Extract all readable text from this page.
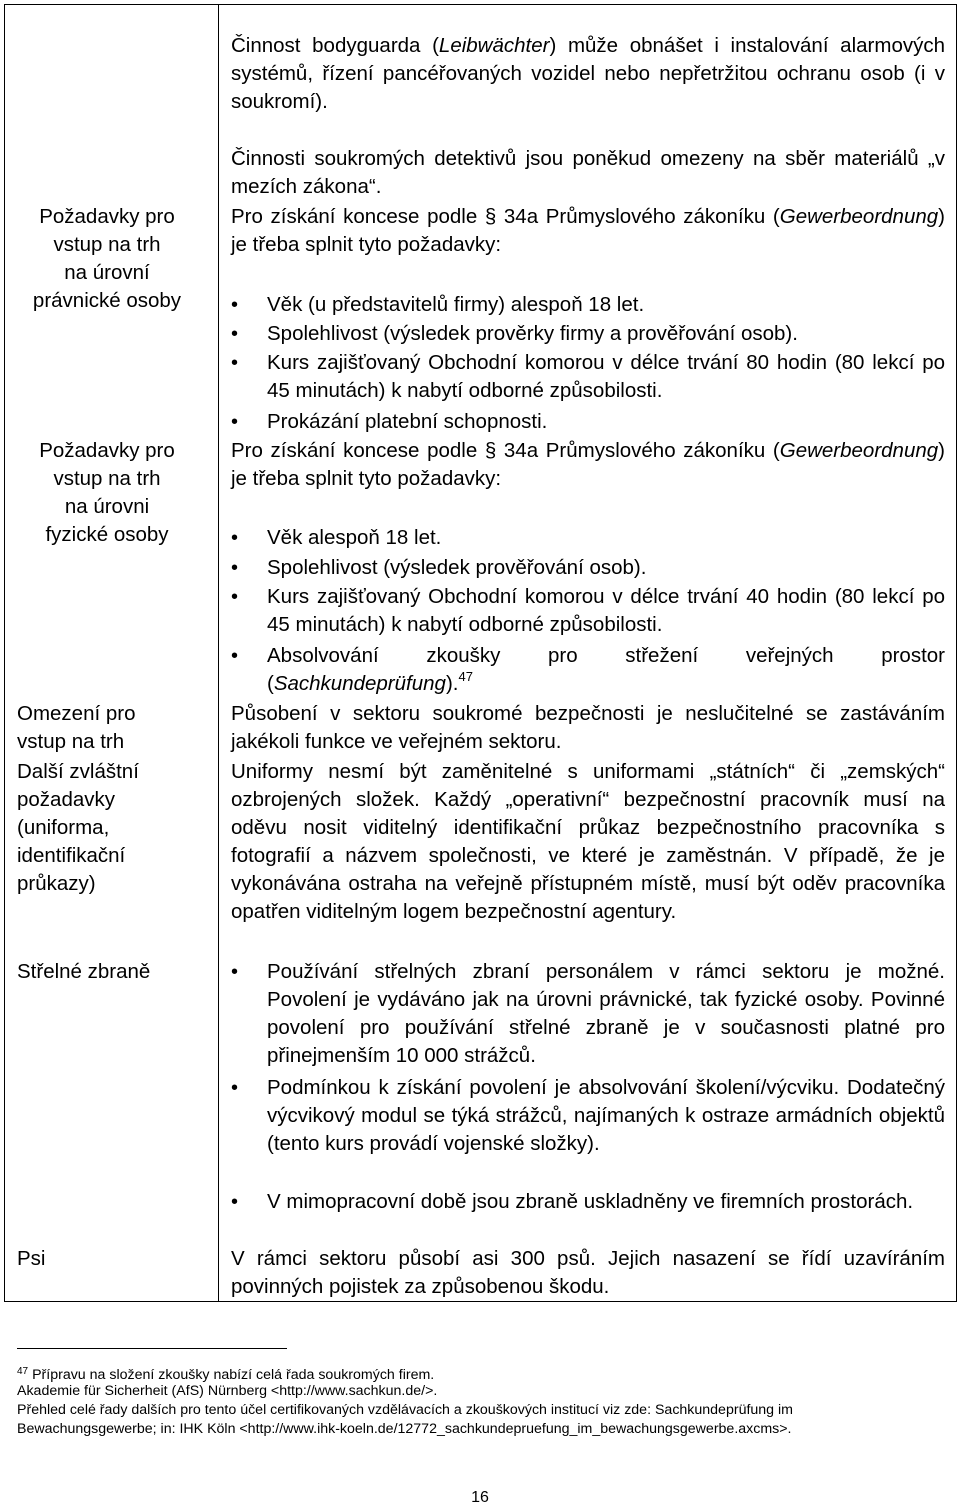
Požadavky pro
vstup na trh
na úrovní
právnické osoby
Požadavky pro
vstup na trh
na úrovni
fyzické osoby
Omezení pro
vstup na trh
Další zvláštní
požadavky
(uniforma,
identifikační
průkazy)
Střelné zbraně
Psi
Činnost bodyguarda (Leibwächter) může obnášet i instalování alarmových systémů, řízení pancéřovaných vozidel nebo nepřetržitou ochranu osob (i v soukromí).
Činnosti soukromých detektivů jsou poněkud omezeny na sběr materiálů „v mezích zákona“.
Pro získání koncese podle § 34a Průmyslového zákoníku (Gewerbeordnung) je třeba splnit tyto požadavky:
• Věk (u představitelů firmy) alespoň 18 let.
• Spolehlivost (výsledek prověrky firmy a prověřování osob).
• Kurs zajišťovaný Obchodní komorou v délce trvání 80 hodin (80 lekcí po 45 minutách) k nabytí odborné způsobilosti.
• Prokázání platební schopnosti.
Pro získání koncese podle § 34a Průmyslového zákoníku (Gewerbeordnung) je třeba splnit tyto požadavky:
• Věk alespoň 18 let.
• Spolehlivost (výsledek prověřování osob).
• Kurs zajišťovaný Obchodní komorou v délce trvání 40 hodin (80 lekcí po 45 minutách) k nabytí odborné způsobilosti.
• Absolvování zkoušky pro střežení veřejných prostor (Sachkundeprüfung).$^{47}$
Působení v sektoru soukromé bezpečnosti je neslučitelné se zastáváním jakékoli funkce ve veřejném sektoru.
Uniformy nesmí být zaměnitelné s uniformami „státních“ či „zemských“ ozbrojených složek. Každý „operativní“ bezpečnostní pracovník musí na oděvu nosit viditelný identifikační průkaz bezpečnostního pracovníka s fotografií a názvem společnosti, ve které je zaměstnán. V případě, že je vykonávána ostraha na veřejně přístupném místě, musí být oděv pracovníka opatřen viditelným logem bezpečnostní agentury.
• Používání střelných zbraní personálem v rámci sektoru je možné. Povolení je vydáváno jak na úrovni právnické, tak fyzické osoby. Povinné povolení pro používání střelné zbraně je v současnosti platné pro přinejmenším 10 000 strážců.
• Podmínkou k získání povolení je absolvování školení/výcviku. Dodatečný výcvikový modul se týká strážců, najímaných k ostraze armádních objektů (tento kurs provádí vojenské složky).
• V mimopracovní době jsou zbraně uskladněny ve firemních prostorách.
V rámci sektoru působí asi 300 psů. Jejich nasazení se řídí uzavíráním povinných pojistek za způsobenou škodu.
$^{47}$ Přípravu na složení zkoušky nabízí celá řada soukromých firem.
Akademie für Sicherheit (AfS) Nürnberg <http://www.sachkun.de/>.
Přehled celé řady dalších pro tento účel certifikovaných vzdělávacích a zkouškových institucí viz zde: Sachkundeprüfung im
Bewachungsgewerbe; in: IHK Köln <http://www.ihk-koeln.de/12772_sachkundepruefung_im_bewachungsgewerbe.axcms>.
16
